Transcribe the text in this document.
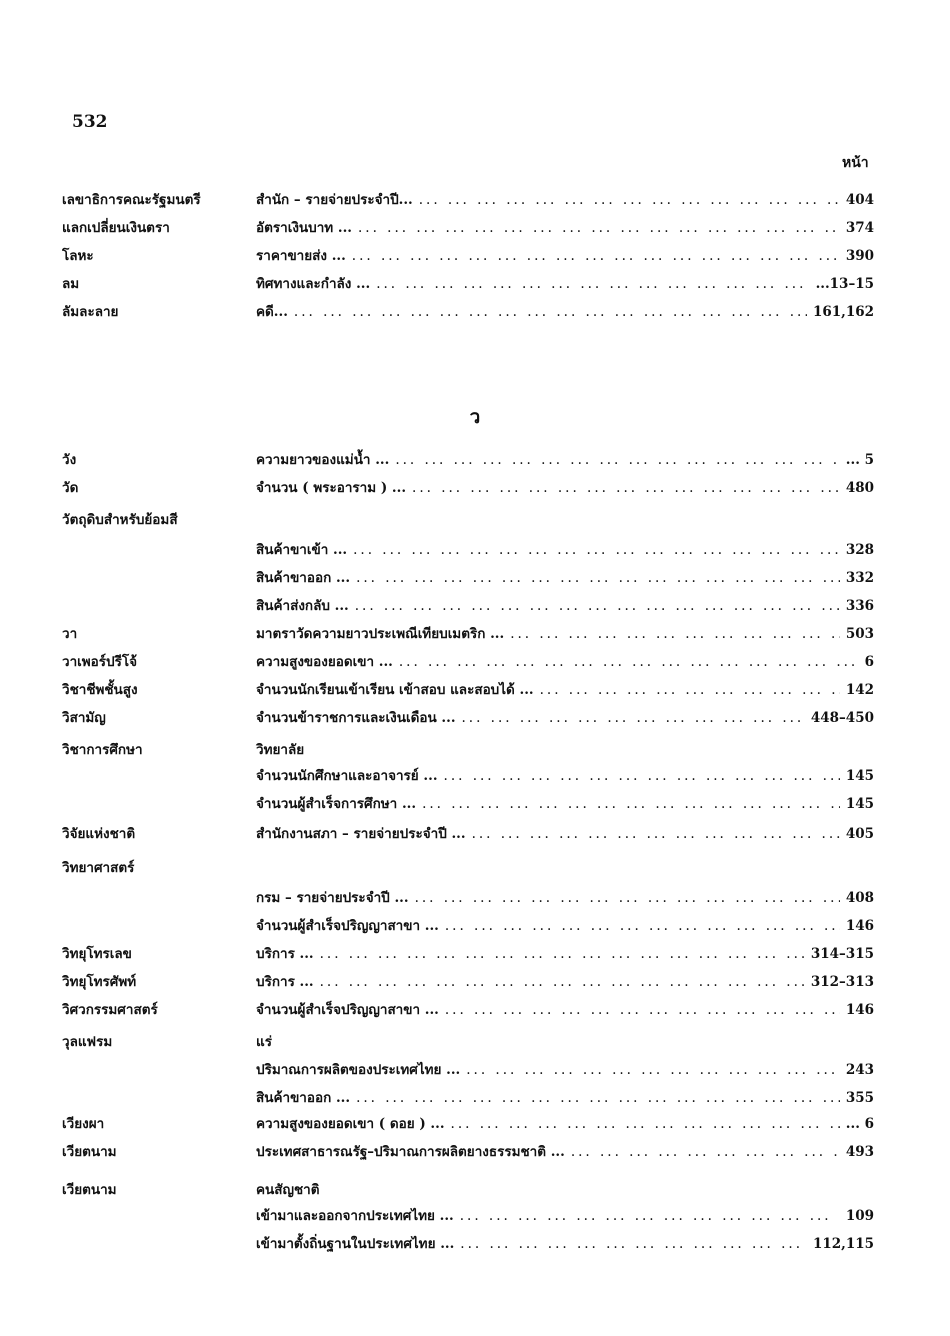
532
หน้า
เลขาธิการคณะรัฐมนตรี	สำนัก – รายจ่ายประจำปี... ... .	404
แลกเปลี่ยนเงินตรา	อัตราเงินบาท ... ... .	374
โลหะ	ราคาขายส่ง ... ... .	390
ลม	ทิศทางและกำลัง ... ... .	...13–15
ลัมละลาย	คดี... ... .	161,162
ว
วัง	ความยาวของแม่น้ำ ... ... .	... 5
วัด	จำนวน ( พระอาราม ) ... ... .	480
วัตถุดิบสำหรับย้อมสี
สินค้าขาเข้า ... ... .	328
สินค้าขาออก ... ... .	332
สินค้าส่งกลับ ... ... .	336
วา	มาตราวัดความยาวประเพณีเทียบเมตริก ... ... .	503
วาเพอร์ปรีโจ้	ความสูงของยอดเขา ... ... .	6
วิชาชีพชั้นสูง	จำนวนนักเรียนเข้าเรียน เข้าสอบ และสอบได้ ... ... .	142
วิสามัญ	จำนวนข้าราชการและเงินเดือน ... ... .	448–450
วิชาการศึกษา	วิทยาลัย
จำนวนนักศึกษาและอาจารย์ ... ... .	145
จำนวนผู้สำเร็จการศึกษา ... ... .	145
วิจัยแห่งชาติ	สำนักงานสภา – รายจ่ายประจำปี ... ... .	405
วิทยาศาสตร์
กรม – รายจ่ายประจำปี ... ... .	408
จำนวนผู้สำเร็จปริญญาสาขา ... ... .	146
วิทยุโทรเลข	บริการ ... ... .	314–315
วิทยุโทรศัพท์	บริการ ... ... .	312–313
วิศวกรรมศาสตร์	จำนวนผู้สำเร็จปริญญาสาขา ... ... .	146
วุลแฟรม	แร่
ปริมาณการผลิตของประเทศไทย ... ... .	243
สินค้าขาออก ... ... .	355
เวียงผา	ความสูงของยอดเขา ( ดอย ) ... ... .	... 6
เวียตนาม	ประเทศสาธารณรัฐ–ปริมาณการผลิตยางธรรมชาติ ... ... .	493
เวียตนาม	คนสัญชาติ
เข้ามาและออกจากประเทศไทย ... ... .	109
เข้ามาตั้งถิ่นฐานในประเทศไทย ... ... .	112,115
